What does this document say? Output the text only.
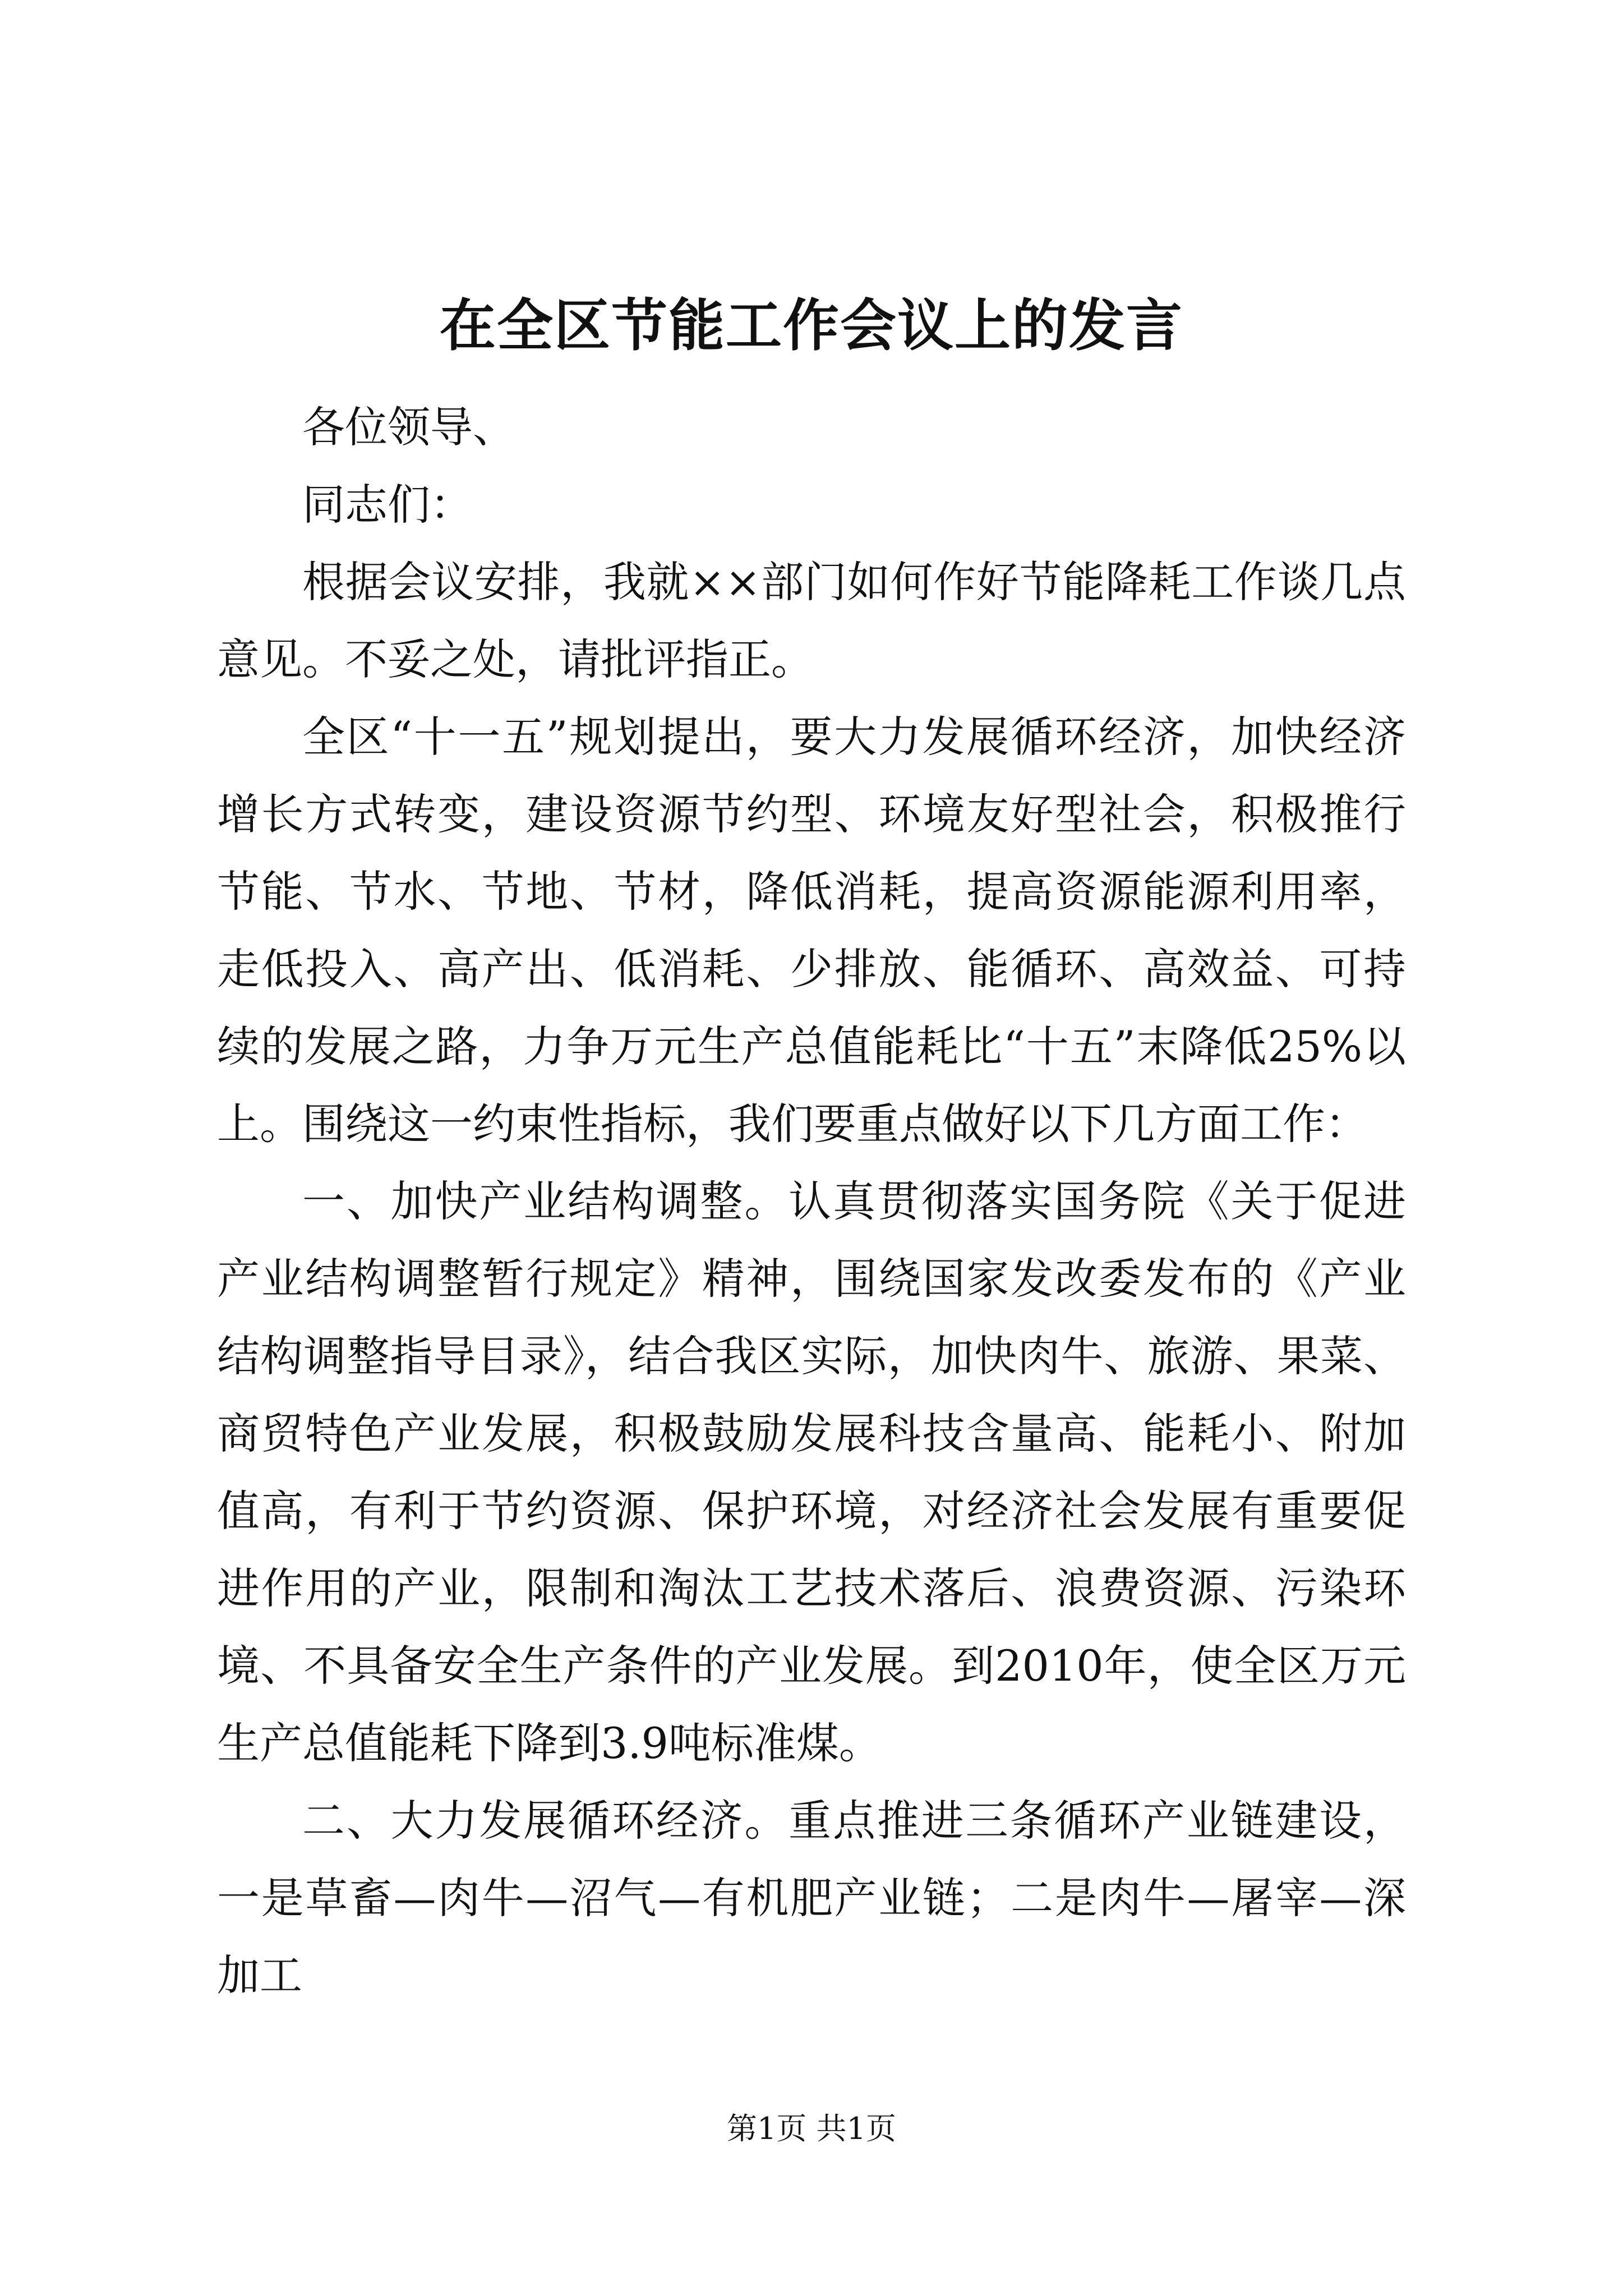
在全区节能工作会议上的发言

各位领导、

同志们：

根据会议安排，我就××部门如何作好节能降耗工作谈几点意见。不妥之处，请批评指正。

全区“十一五”规划提出，要大力发展循环经济，加快经济增长方式转变，建设资源节约型、环境友好型社会，积极推行节能、节水、节地、节材，降低消耗，提高资源能源利用率，走低投入、高产出、低消耗、少排放、能循环、高效益、可持续的发展之路，力争万元生产总值能耗比“十五”末降低25%以上。围绕这一约束性指标，我们要重点做好以下几方面工作：

一、加快产业结构调整。认真贯彻落实国务院《关于促进产业结构调整暂行规定》精神，围绕国家发改委发布的《产业结构调整指导目录》，结合我区实际，加快肉牛、旅游、果菜、商贸特色产业发展，积极鼓励发展科技含量高、能耗小、附加值高，有利于节约资源、保护环境，对经济社会发展有重要促进作用的产业，限制和淘汰工艺技术落后、浪费资源、污染环境、不具备安全生产条件的产业发展。到2010年，使全区万元生产总值能耗下降到3.9吨标准煤。

二、大力发展循环经济。重点推进三条循环产业链建设，一是草畜—肉牛—沼气—有机肥产业链；二是肉牛—屠宰—深加工

第1页 共1页
